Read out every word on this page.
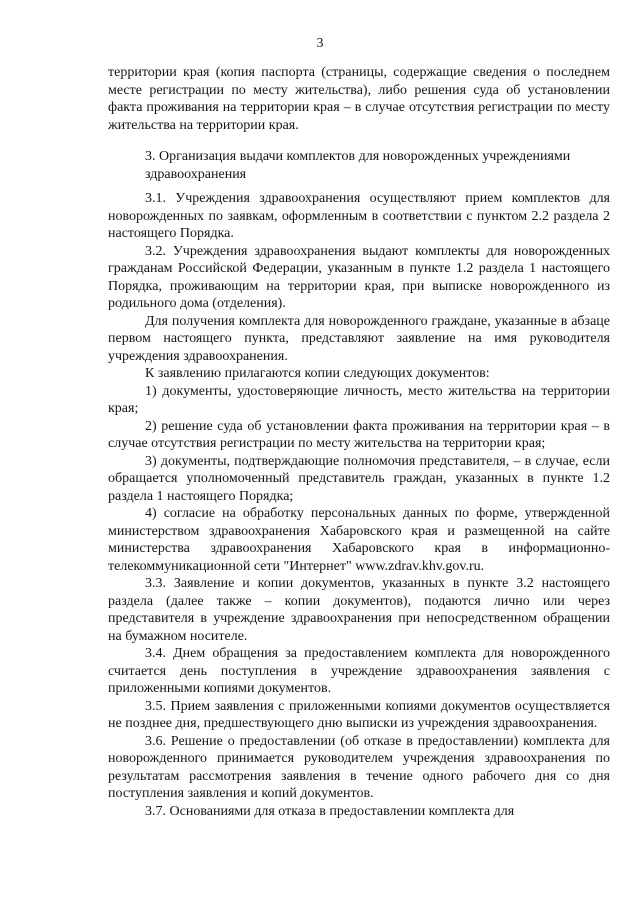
3

территории края (копия паспорта (страницы, содержащие сведения о последнем месте регистрации по месту жительства), либо решения суда об установлении факта проживания на территории края – в случае отсутствия регистрации по месту жительства на территории края.

3. Организация выдачи комплектов для новорожденных учреждениями здравоохранения

3.1. Учреждения здравоохранения осуществляют прием комплектов для новорожденных по заявкам, оформленным в соответствии с пунктом 2.2 раздела 2 настоящего Порядка.

3.2. Учреждения здравоохранения выдают комплекты для новорожденных гражданам Российской Федерации, указанным в пункте 1.2 раздела 1 настоящего Порядка, проживающим на территории края, при выписке новорожденного из родильного дома (отделения).

Для получения комплекта для новорожденного граждане, указанные в абзаце первом настоящего пункта, представляют заявление на имя руководителя учреждения здравоохранения.

К заявлению прилагаются копии следующих документов:

1) документы, удостоверяющие личность, место жительства на территории края;

2) решение суда об установлении факта проживания на территории края – в случае отсутствия регистрации по месту жительства на территории края;

3) документы, подтверждающие полномочия представителя, – в случае, если обращается уполномоченный представитель граждан, указанных в пункте 1.2 раздела 1 настоящего Порядка;

4) согласие на обработку персональных данных по форме, утвержденной министерством здравоохранения Хабаровского края и размещенной на сайте министерства здравоохранения Хабаровского края в информационно-телекоммуникационной сети "Интернет" www.zdrav.khv.gov.ru.

3.3. Заявление и копии документов, указанных в пункте 3.2 настоящего раздела (далее также – копии документов), подаются лично или через представителя в учреждение здравоохранения при непосредственном обращении на бумажном носителе.

3.4. Днем обращения за предоставлением комплекта для новорожденного считается день поступления в учреждение здравоохранения заявления с приложенными копиями документов.

3.5. Прием заявления с приложенными копиями документов осуществляется не позднее дня, предшествующего дню выписки из учреждения здравоохранения.

3.6. Решение о предоставлении (об отказе в предоставлении) комплекта для новорожденного принимается руководителем учреждения здравоохранения по результатам рассмотрения заявления в течение одного рабочего дня со дня поступления заявления и копий документов.

3.7. Основаниями для отказа в предоставлении комплекта для
